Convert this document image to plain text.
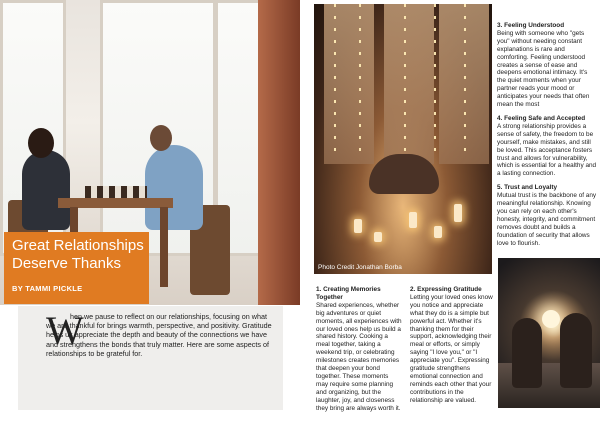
Great Relationships Deserve Thanks
BY TAMMI PICKLE
W
hen we pause to reflect on our relationships, focusing on what we are thankful for brings warmth, perspective, and positivity. Gratitude helps us appreciate the depth and beauty of the connections we have and strengthens the bonds that truly matter. Here are some aspects of relationships to be grateful for.
Photo Credit Jonathan Borba
1. Creating Memories Together

Shared experiences, whether big adventures or quiet moments, all experiences with our loved ones help us build a shared history. Cooking a meal together, taking a weekend trip, or celebrating milestones creates memories that deepen your bond together. These moments may require some planning and organizing, but the laughter, joy, and closeness they bring are always worth it.

2. Expressing Gratitude

Letting your loved ones know you notice and appreciate what they do is a simple but powerful act. Whether it's thanking them for their support, acknowledging their meal or efforts, or simply saying "I love you," or "I appreciate you". Expressing gratitude strengthens emotional connection and reminds each other that your contributions in the relationship are valued.

3. Feeling Understood

Being with someone who "gets you" without needing constant explanations is rare and comforting. Feeling understood creates a sense of ease and deepens emotional intimacy. It's the quiet moments when your partner reads your mood or anticipates your needs that often mean the most

4. Feeling Safe and Accepted

A strong relationship provides a sense of safety, the freedom to be yourself, make mistakes, and still be loved. This acceptance fosters trust and allows for vulnerability, which is essential for a healthy and a lasting connection.

5. Trust and Loyalty

Mutual trust is the backbone of any meaningful relationship. Knowing you can rely on each other's honesty, integrity, and commitment removes doubt and builds a foundation of security that allows love to flourish.
